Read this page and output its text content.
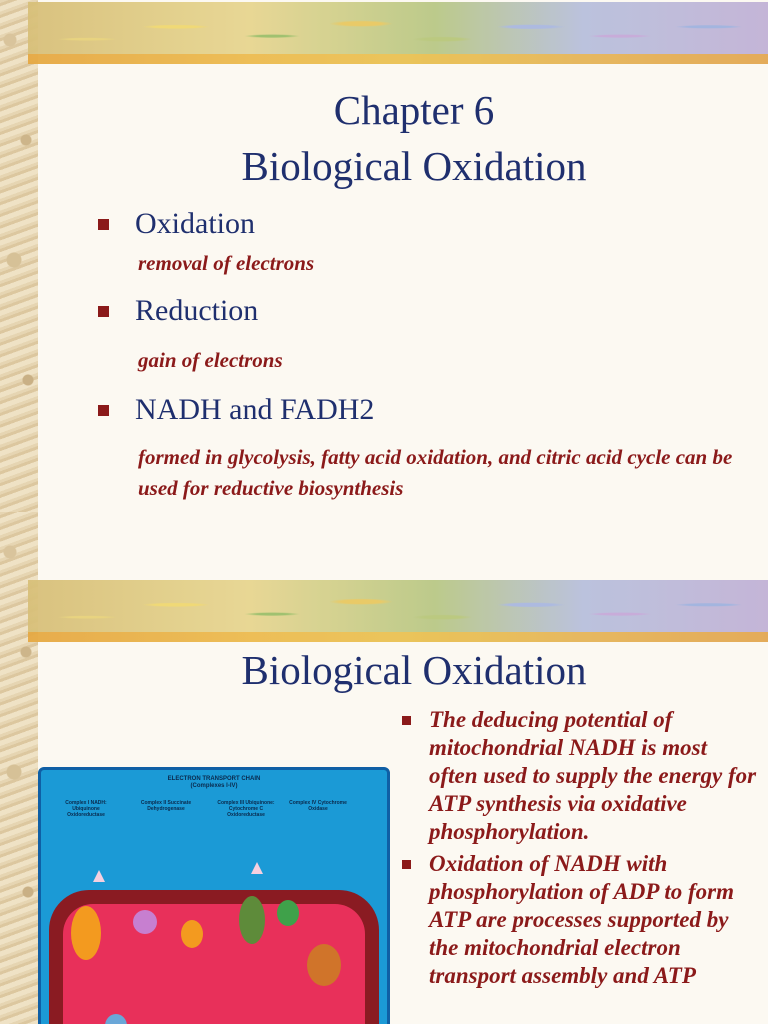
Chapter 6
Biological Oxidation
Oxidation
removal of electrons
Reduction
gain of electrons
NADH and FADH2
formed in glycolysis, fatty acid oxidation, and citric acid cycle can be used for reductive biosynthesis
Biological Oxidation
ELECTRON TRANSPORT CHAIN
(Complexes I-IV)
Complex I NADH: Ubiquinone Oxidoreductase
Complex II Succinate Dehydrogenase
Complex III Ubiquinone: Cytochrome C Oxidoreductase
Complex IV Cytochrome Oxidase
The deducing potential of mitochondrial NADH is most often used to supply the energy for ATP synthesis via oxidative phosphorylation.
Oxidation of NADH with phosphorylation of ADP to form ATP are processes supported by the mitochondrial electron transport assembly and ATP
